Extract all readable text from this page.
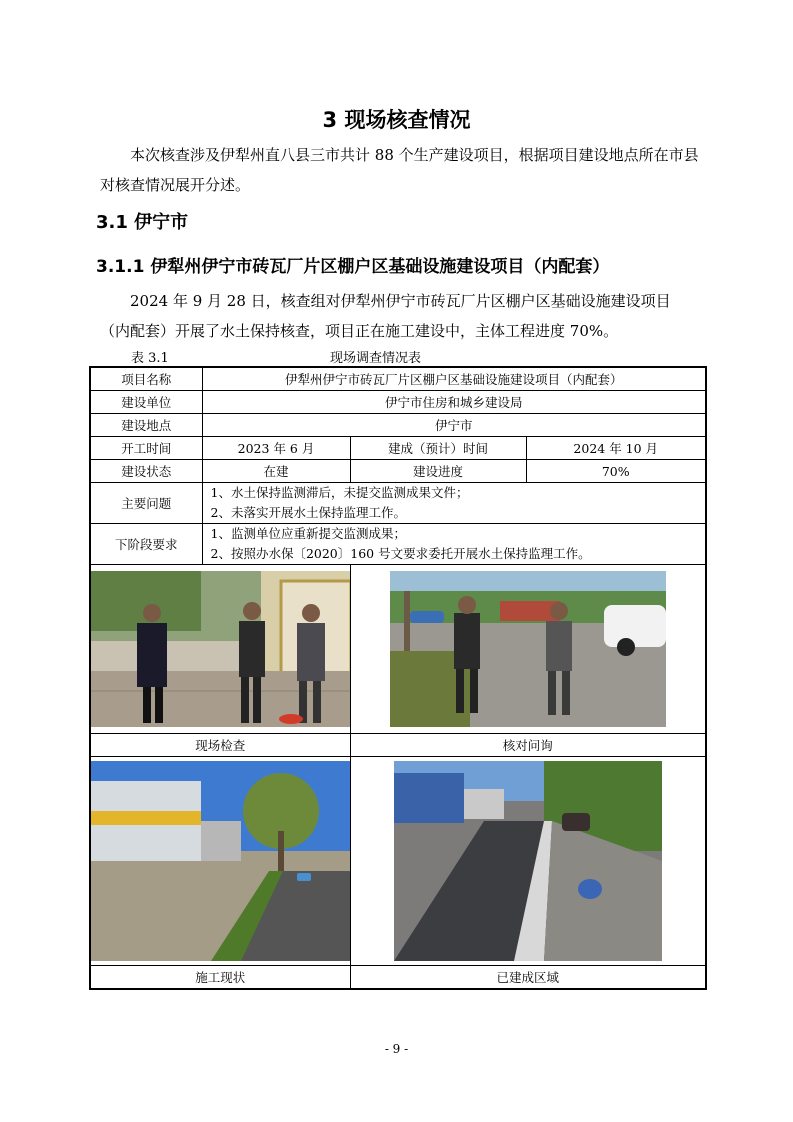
3 现场核查情况
本次核查涉及伊犁州直八县三市共计 88 个生产建设项目，根据项目建设地点所在市县对核查情况展开分述。
3.1 伊宁市
3.1.1 伊犁州伊宁市砖瓦厂片区棚户区基础设施建设项目（内配套）
2024 年 9 月 28 日，核查组对伊犁州伊宁市砖瓦厂片区棚户区基础设施建设项目（内配套）开展了水土保持核查，项目正在施工建设中，主体工程进度 70%。
表 3.1	现场调查情况表
项目名称	伊犁州伊宁市砖瓦厂片区棚户区基础设施建设项目（内配套）		
建设单位	伊宁市住房和城乡建设局		
建设地点	伊宁市		
开工时间	2023 年 6 月	建成（预计）时间	2024 年 10 月
建设状态	在建	建设进度	70%
主要问题	1、水土保持监测滞后，未提交监测成果文件；
2、未落实开展水土保持监理工作。		

下阶段要求	1、监测单位应重新提交监测成果；
2、按照办水保〔2020〕160 号文要求委托开展水土保持监理工作。		

现场检查		核对问询	

施工现状		已建成区域	
- 9 -
